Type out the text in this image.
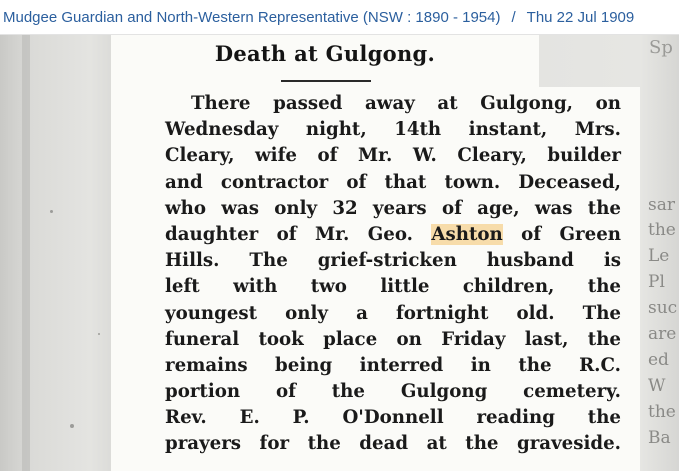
Mudgee Guardian and North-Western Representative (NSW : 1890 - 1954) / Thu 22 Jul 1909
Death at Gulgong.
There passed away at Gulgong, on
Wednesday night, 14th instant, Mrs.
Cleary, wife of Mr. W. Cleary, builder
and contractor of that town. Deceased,
who was only 32 years of age, was the
daughter of Mr. Geo. Ashton of Green
Hills. The grief-stricken husband is
left with two little children, the
youngest only a fortnight old. The
funeral took place on Friday last, the
remains being interred in the R.C.
portion of the Gulgong cemetery.
Rev. E. P. O'Donnell reading the
prayers for the dead at the graveside.
Sp
sar
the
Le
Pl
suc
are
ed
W
the
Ba
